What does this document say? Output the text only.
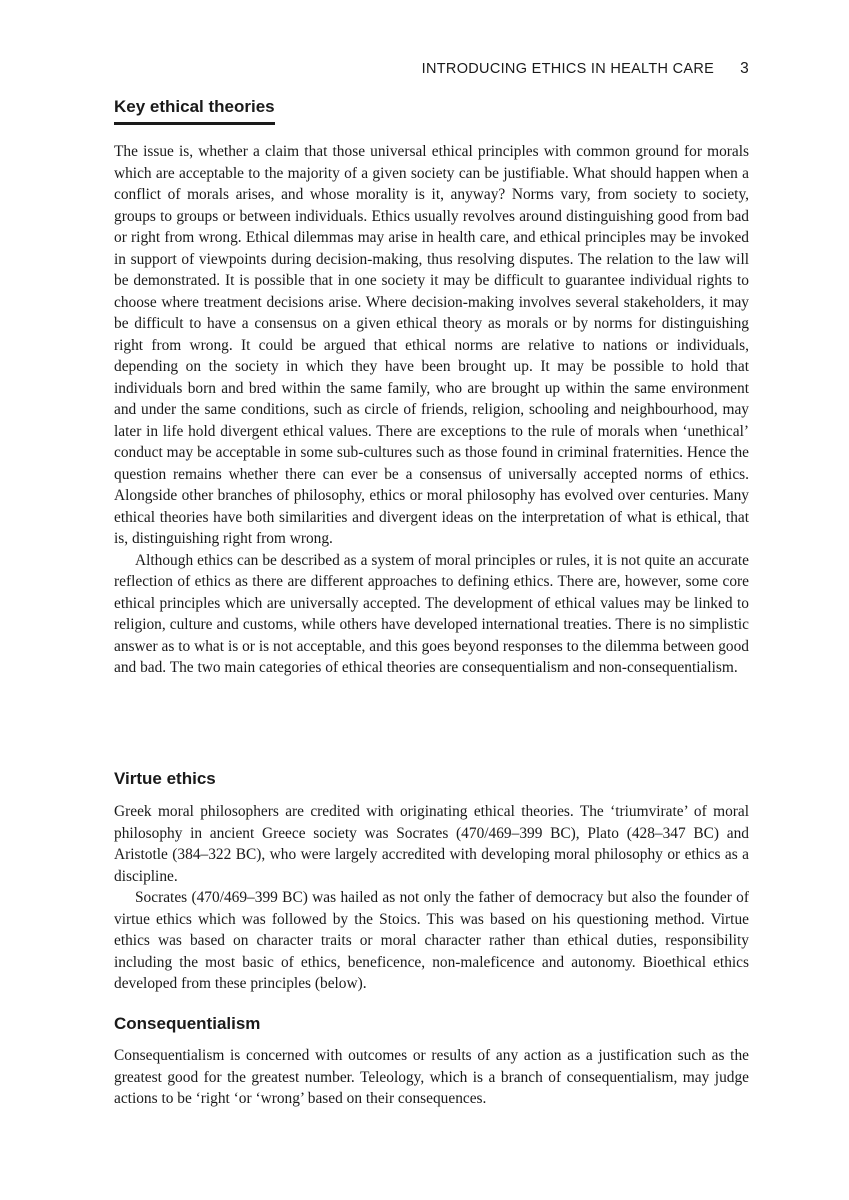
INTRODUCING ETHICS IN HEALTH CARE 3
Key ethical theories

The issue is, whether a claim that those universal ethical principles with common ground for morals which are acceptable to the majority of a given society can be justifiable. What should happen when a conflict of morals arises, and whose morality is it, anyway? Norms vary, from society to society, groups to groups or between individuals. Ethics usually revolves around distinguishing good from bad or right from wrong. Ethical dilemmas may arise in health care, and ethical principles may be invoked in support of viewpoints during decision-making, thus resolving disputes. The relation to the law will be demonstrated. It is possible that in one society it may be difficult to guarantee individual rights to choose where treatment decisions arise. Where decision-making involves several stakeholders, it may be difficult to have a consensus on a given ethical theory as morals or by norms for distinguishing right from wrong. It could be argued that ethical norms are relative to nations or individuals, depending on the society in which they have been brought up. It may be possible to hold that individuals born and bred within the same family, who are brought up within the same environment and under the same conditions, such as circle of friends, religion, schooling and neighbourhood, may later in life hold divergent ethical values. There are exceptions to the rule of morals when ‘unethical’ conduct may be acceptable in some sub-cultures such as those found in criminal fraternities. Hence the question remains whether there can ever be a consensus of universally accepted norms of ethics. Alongside other branches of philosophy, ethics or moral philosophy has evolved over centuries. Many ethical theories have both similarities and divergent ideas on the interpretation of what is ethical, that is, distinguishing right from wrong.

Although ethics can be described as a system of moral principles or rules, it is not quite an accurate reflection of ethics as there are different approaches to defining ethics. There are, however, some core ethical principles which are universally accepted. The development of ethical values may be linked to religion, culture and customs, while others have developed international treaties. There is no simplistic answer as to what is or is not acceptable, and this goes beyond responses to the dilemma between good and bad. The two main categories of ethical theories are consequentialism and non-consequentialism.

Virtue ethics

Greek moral philosophers are credited with originating ethical theories. The ‘triumvirate’ of moral philosophy in ancient Greece society was Socrates (470/469–399 BC), Plato (428–347 BC) and Aristotle (384–322 BC), who were largely accredited with developing moral philosophy or ethics as a discipline.

Socrates (470/469–399 BC) was hailed as not only the father of democracy but also the founder of virtue ethics which was followed by the Stoics. This was based on his questioning method. Virtue ethics was based on character traits or moral character rather than ethical duties, responsibility including the most basic of ethics, beneficence, non-maleficence and autonomy. Bioethical ethics developed from these principles (below).

Consequentialism

Consequentialism is concerned with outcomes or results of any action as a justification such as the greatest good for the greatest number. Teleology, which is a branch of consequentialism, may judge actions to be ‘right ‘or ‘wrong’ based on their consequences.
